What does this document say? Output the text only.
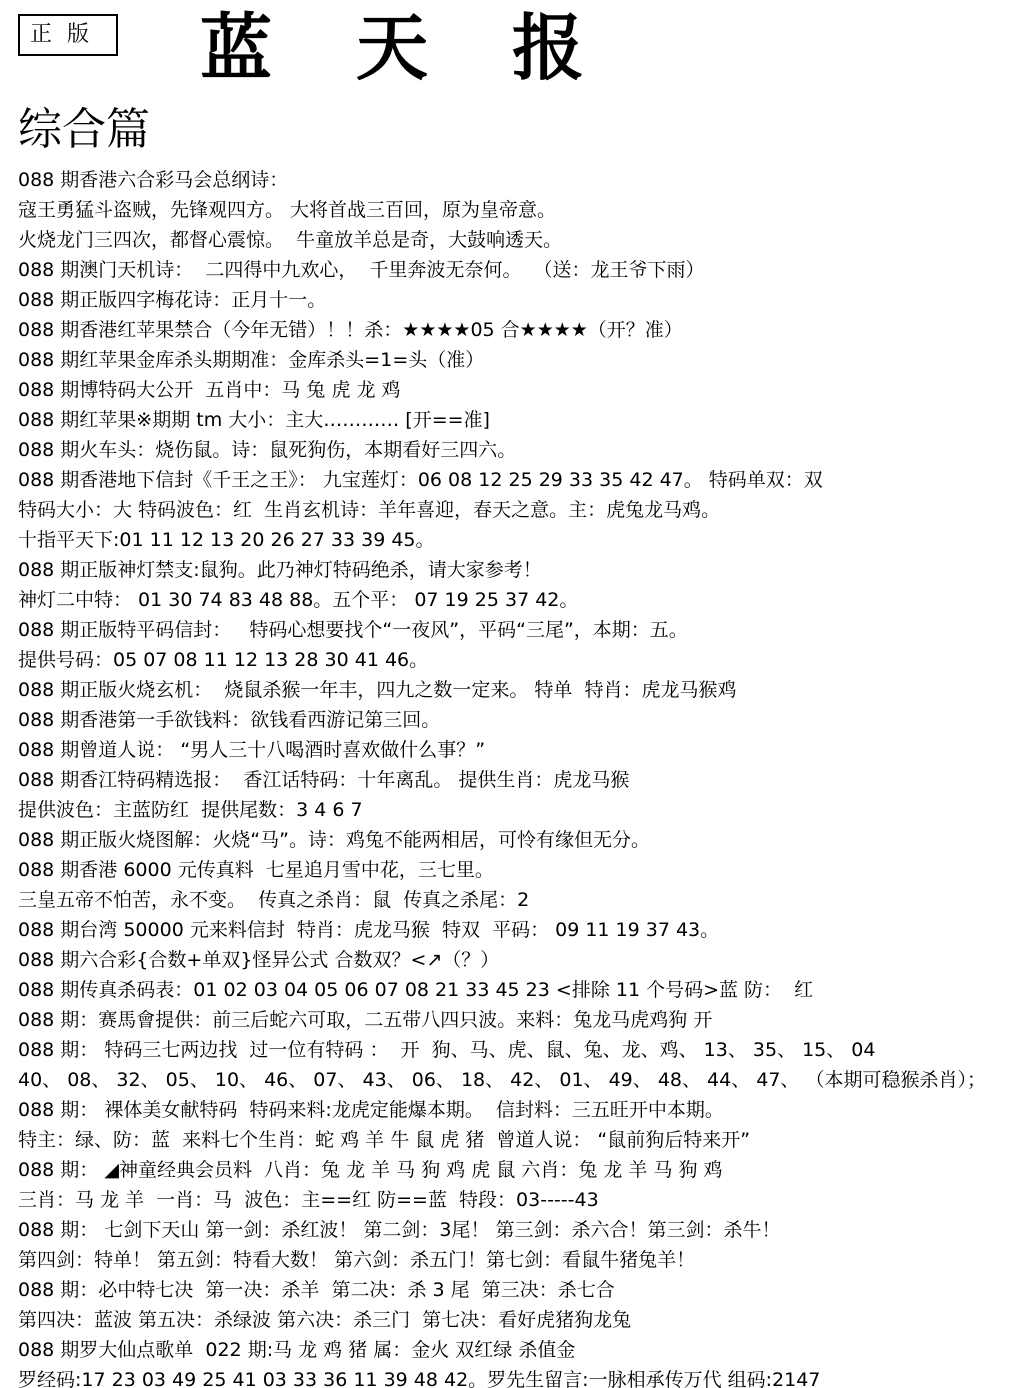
正 版	蓝天报
综合篇
088 期香港六合彩马会总纲诗：
寇王勇猛斗盗贼，先锋观四方。 大将首战三百回，原为皇帝意。
火烧龙门三四次，都督心震惊。  牛童放羊总是奇，大鼓响透天。
088 期澳门天机诗：  二四得中九欢心，  千里奔波无奈何。  （送：龙王爷下雨）
088 期正版四字梅花诗：正月十一。
088 期香港红苹果禁合（今年无错）！！杀：★★★★05 合★★★★（开？准）
088 期红苹果金库杀头期期准：金库杀头=1=头（准）
088 期博特码大公开  五肖中：马 兔 虎 龙 鸡
088 期红苹果※期期 tm 大小：主大………… [开==准]
088 期火车头：烧伤鼠。诗：鼠死狗伤，本期看好三四六。
088 期香港地下信封《千王之王》： 九宝莲灯：06 08 12 25 29 33 35 42 47。 特码单双：双
特码大小：大 特码波色：红  生肖玄机诗：羊年喜迎，春天之意。主：虎兔龙马鸡。
十指平天下:01 11 12 13 20 26 27 33 39 45。
088 期正版神灯禁支:鼠狗。此乃神灯特码绝杀，请大家参考！
神灯二中特： 01 30 74 83 48 88。五个平： 07 19 25 37 42。
088 期正版特平码信封：   特码心想要找个“一夜风”，平码“三尾”，本期：五。
提供号码：05 07 08 11 12 13 28 30 41 46。
088 期正版火烧玄机：  烧鼠杀猴一年丰，四九之数一定来。 特单  特肖：虎龙马猴鸡
088 期香港第一手欲钱料：欲钱看西游记第三回。
088 期曾道人说： “男人三十八喝酒时喜欢做什么事？”
088 期香江特码精选报：  香江话特码：十年离乱。 提供生肖：虎龙马猴
提供波色：主蓝防红  提供尾数：3 4 6 7
088 期正版火烧图解：火烧“马”。诗：鸡兔不能两相居，可怜有缘但无分。
088 期香港 6000 元传真料  七星追月雪中花，三七里。
三皇五帝不怕苦，永不变。  传真之杀肖：鼠  传真之杀尾：2
088 期台湾 50000 元来料信封  特肖：虎龙马猴  特双  平码： 09 11 19 37 43。
088 期六合彩{合数+单双}怪异公式 合数双？<↗（？）
088 期传真杀码表：01 02 03 04 05 06 07 08 21 33 45 23 <排除 11 个号码>蓝 防：  红
088 期：赛馬會提供：前三后蛇六可取，二五带八四只波。来料：兔龙马虎鸡狗 开
088 期： 特码三七两边找  过一位有特码 ：  开  狗、马、虎、鼠、兔、龙、鸡、 13、 35、 15、 04
40、 08、 32、 05、 10、 46、 07、 43、 06、 18、 42、 01、 49、 48、 44、 47、 （本期可稳猴杀肖）；
088 期： 裸体美女献特码  特码来料:龙虎定能爆本期。  信封料：三五旺开中本期。
特主：绿、防：蓝  来料七个生肖：蛇 鸡 羊 牛 鼠 虎 猪  曾道人说： “鼠前狗后特来开”
088 期： ◢神童经典会员料  八肖：兔 龙 羊 马 狗 鸡 虎 鼠 六肖：兔 龙 羊 马 狗 鸡
三肖：马 龙 羊  一肖：马  波色：主==红 防==蓝  特段：03-----43
088 期： 七剑下天山 第一剑：杀红波！ 第二剑：3尾！ 第三剑：杀六合！第三剑：杀牛！
第四剑：特单！ 第五剑：特看大数！ 第六剑：杀五门！第七剑：看鼠牛猪兔羊！
088 期：必中特七决  第一决：杀羊  第二决：杀 3 尾  第三决：杀七合
第四决：蓝波 第五决：杀绿波 第六决：杀三门  第七决：看好虎猪狗龙兔
088 期罗大仙点歌单  022 期:马 龙 鸡 猪 属：金火 双红绿 杀值金
罗经码:17 23 03 49 25 41 03 33 36 11 39 48 42。罗先生留言:一脉相承传万代 组码:2147
